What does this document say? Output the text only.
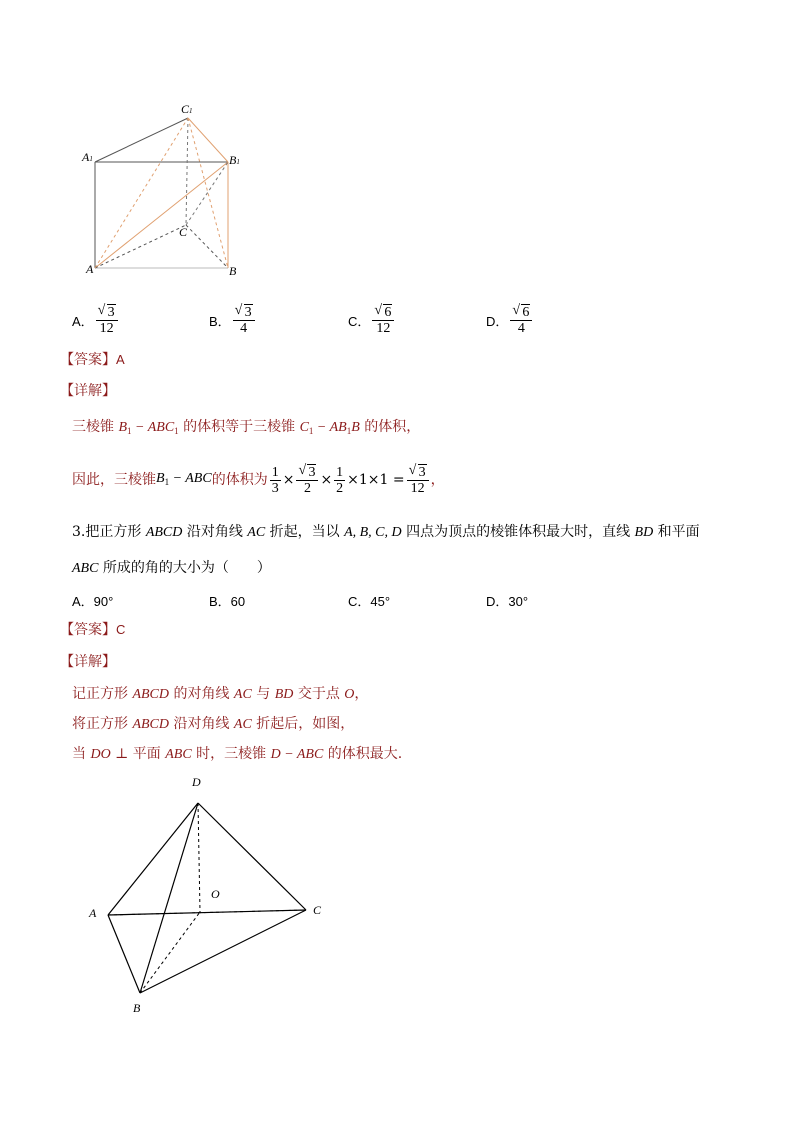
C1
A1	B1
C
A	B
A． √ $\frac{3}{12}$	B． √ $\frac{3}{4}$	C． √ $\frac{6}{12}$	D． √ $\frac{6}{4}$
【答案】A
【详解】
三棱锥 $B_1 - ABC_1$ 的体积等于三棱锥 $C_1 - AB_1B$ 的体积，
因此，三棱锥 $B_1$ − ABC 的体积为 $\frac{1}{3}$ × √ $\frac{3}{2} \times \frac{1}{2} \times 1\times 1$ = √ $\frac{3}{12}$ ，
3.把正方形 ABCD 沿对角线 AC 折起，当以 A, B, C, D 四点为顶点的棱锥体积最大时，直线 BD 和平面
ABC 所成的角的大小为（　　）
A．90°	B．60	C．45°	D．30°
【答案】C
【详解】
记正方形 ABCD 的对角线 AC 与 BD 交于点 O，
将正方形 ABCD 沿对角线 AC 折起后，如图，
当 DO ⊥ 平面 ABC 时，三棱锥 D − ABC 的体积最大.
D
O
A	C
B
